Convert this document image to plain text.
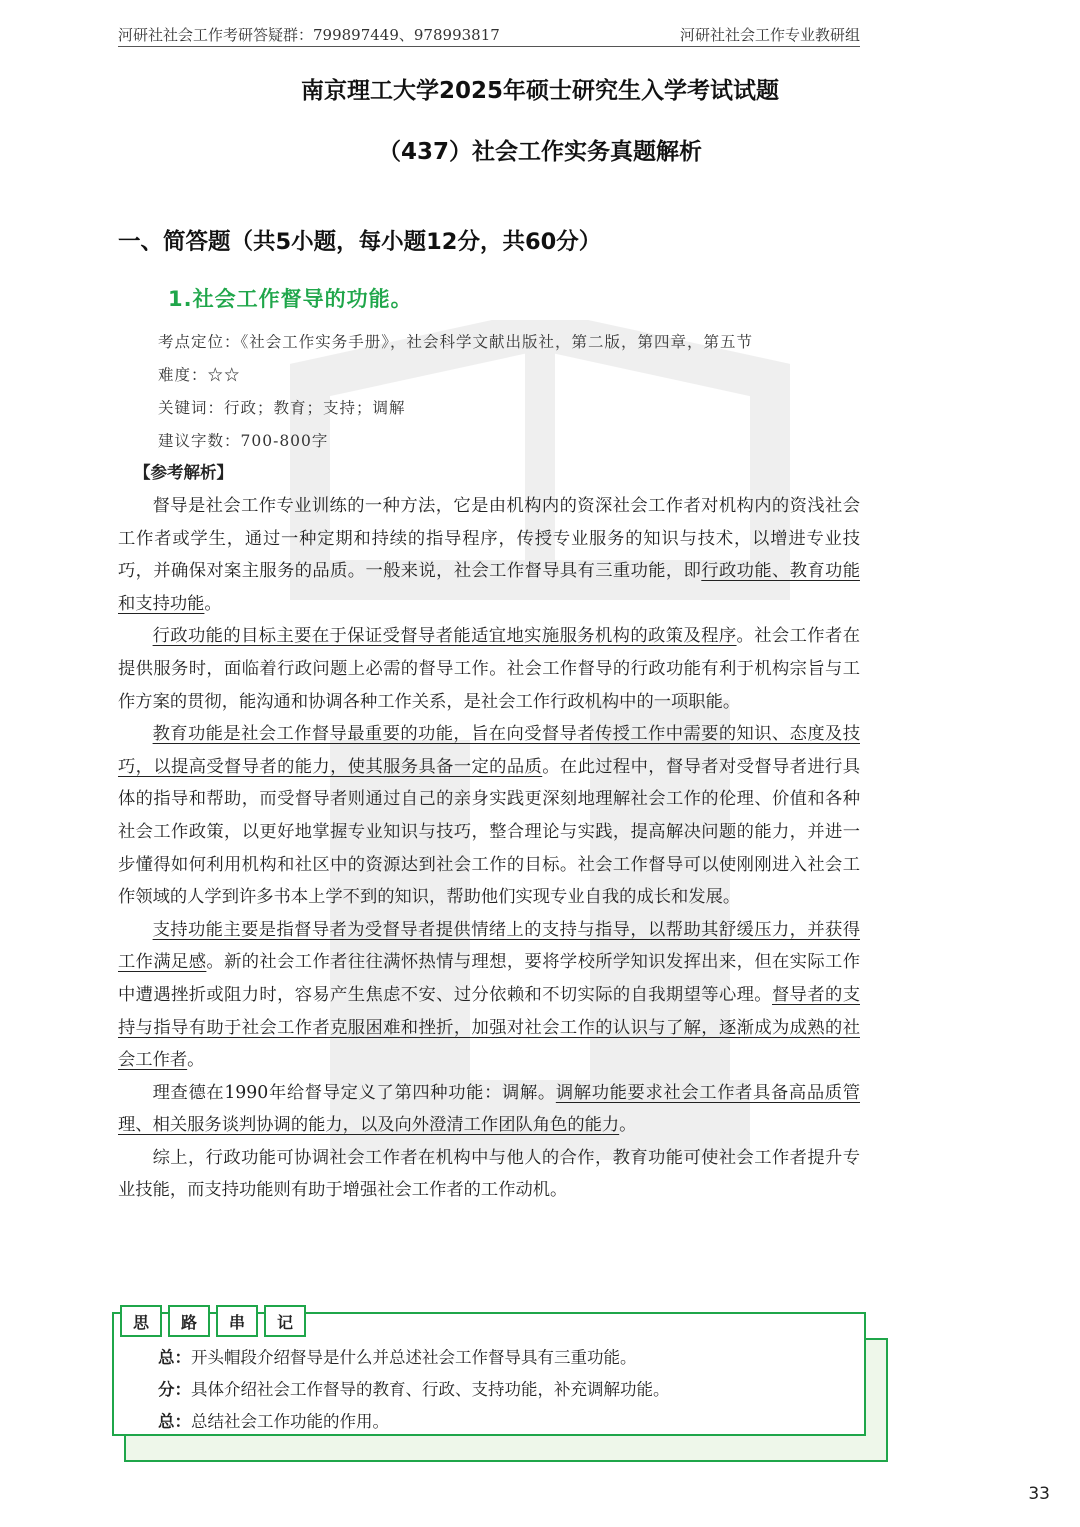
河研社社会工作考研答疑群：799897449、978993817	河研社社会工作专业教研组
南京理工大学2025年硕士研究生入学考试试题
（437）社会工作实务真题解析
一、简答题（共5小题，每小题12分，共60分）
1.社会工作督导的功能。
考点定位：《社会工作实务手册》，社会科学文献出版社，第二版，第四章，第五节
难度：☆☆
关键词：行政；教育；支持；调解
建议字数：700-800字
【参考解析】

督导是社会工作专业训练的一种方法，它是由机构内的资深社会工作者对机构内的资浅社会工作者或学生，通过一种定期和持续的指导程序，传授专业服务的知识与技术，以增进专业技巧，并确保对案主服务的品质。一般来说，社会工作督导具有三重功能，即行政功能、教育功能和支持功能。

行政功能的目标主要在于保证受督导者能适宜地实施服务机构的政策及程序。社会工作者在提供服务时，面临着行政问题上必需的督导工作。社会工作督导的行政功能有利于机构宗旨与工作方案的贯彻，能沟通和协调各种工作关系，是社会工作行政机构中的一项职能。

教育功能是社会工作督导最重要的功能，旨在向受督导者传授工作中需要的知识、态度及技巧，以提高受督导者的能力，使其服务具备一定的品质。在此过程中，督导者对受督导者进行具体的指导和帮助，而受督导者则通过自己的亲身实践更深刻地理解社会工作的伦理、价值和各种社会工作政策，以更好地掌握专业知识与技巧，整合理论与实践，提高解决问题的能力，并进一步懂得如何利用机构和社区中的资源达到社会工作的目标。社会工作督导可以使刚刚进入社会工作领域的人学到许多书本上学不到的知识，帮助他们实现专业自我的成长和发展。

支持功能主要是指督导者为受督导者提供情绪上的支持与指导，以帮助其舒缓压力，并获得工作满足感。新的社会工作者往往满怀热情与理想，要将学校所学知识发挥出来，但在实际工作中遭遇挫折或阻力时，容易产生焦虑不安、过分依赖和不切实际的自我期望等心理。督导者的支持与指导有助于社会工作者克服困难和挫折，加强对社会工作的认识与了解，逐渐成为成熟的社会工作者。

理查德在1990年给督导定义了第四种功能：调解。调解功能要求社会工作者具备高品质管理、相关服务谈判协调的能力，以及向外澄清工作团队角色的能力。

综上，行政功能可协调社会工作者在机构中与他人的合作，教育功能可使社会工作者提升专业技能，而支持功能则有助于增强社会工作者的工作动机。

思	路	串	记
总：开头帽段介绍督导是什么并总述社会工作督导具有三重功能。
分：具体介绍社会工作督导的教育、行政、支持功能，补充调解功能。
总：总结社会工作功能的作用。
33
